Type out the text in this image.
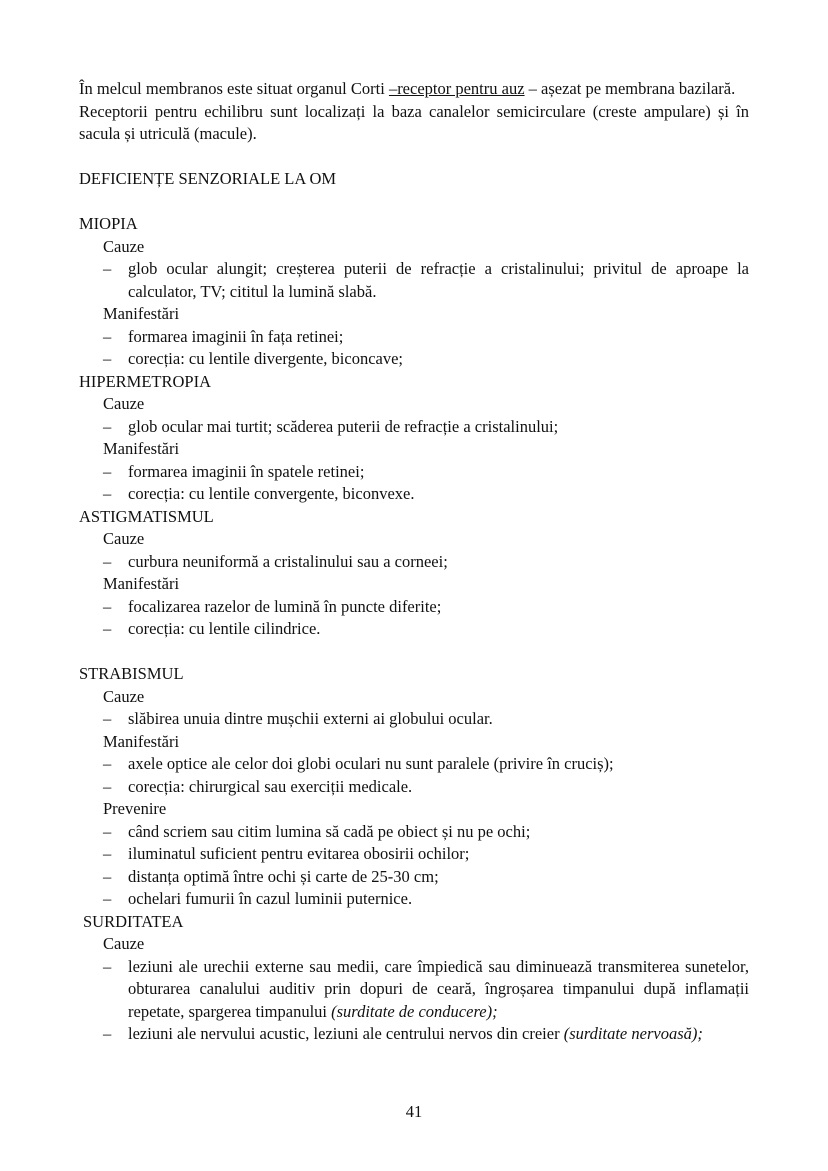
În melcul membranos este situat organul Corti –receptor pentru auz – așezat pe membrana bazilară.

Receptorii pentru echilibru sunt localizați la baza canalelor semicirculare (creste ampulare) și în sacula și utriculă (macule).

DEFICIENȚE SENZORIALE LA OM

MIOPIA

Cauze

– glob ocular alungit; creșterea puterii de refracție a cristalinului; privitul de aproape la calculator, TV; cititul la lumină slabă.

Manifestări

– formarea imaginii în fața retinei;

– corecția: cu lentile divergente, biconcave;

HIPERMETROPIA

Cauze

– glob ocular mai turtit; scăderea puterii de refracție a cristalinului;

Manifestări

– formarea imaginii în spatele retinei;

– corecția: cu lentile convergente, biconvexe.

ASTIGMATISMUL

Cauze

– curbura neuniformă a cristalinului sau a corneei;

Manifestări

– focalizarea razelor de lumină în puncte diferite;

– corecția: cu lentile cilindrice.

STRABISMUL

Cauze

– slăbirea unuia dintre mușchii externi ai globului ocular.

Manifestări

– axele optice ale celor doi globi oculari nu sunt paralele (privire în cruciș);

– corecția: chirurgical sau exerciții medicale.

Prevenire

– când scriem sau citim lumina să cadă pe obiect și nu pe ochi;

– iluminatul suficient pentru evitarea obosirii ochilor;

– distanța optimă între ochi și carte de 25-30 cm;

– ochelari fumurii în cazul luminii puternice.

SURDITATEA

Cauze

– leziuni ale urechii externe sau medii, care împiedică sau diminuează transmiterea sunetelor, obturarea canalului auditiv prin dopuri de ceară, îngroșarea timpanului după inflamații repetate, spargerea timpanului (surditate de conducere);

– leziuni ale nervului acustic, leziuni ale centrului nervos din creier (surditate nervoasă);

41
